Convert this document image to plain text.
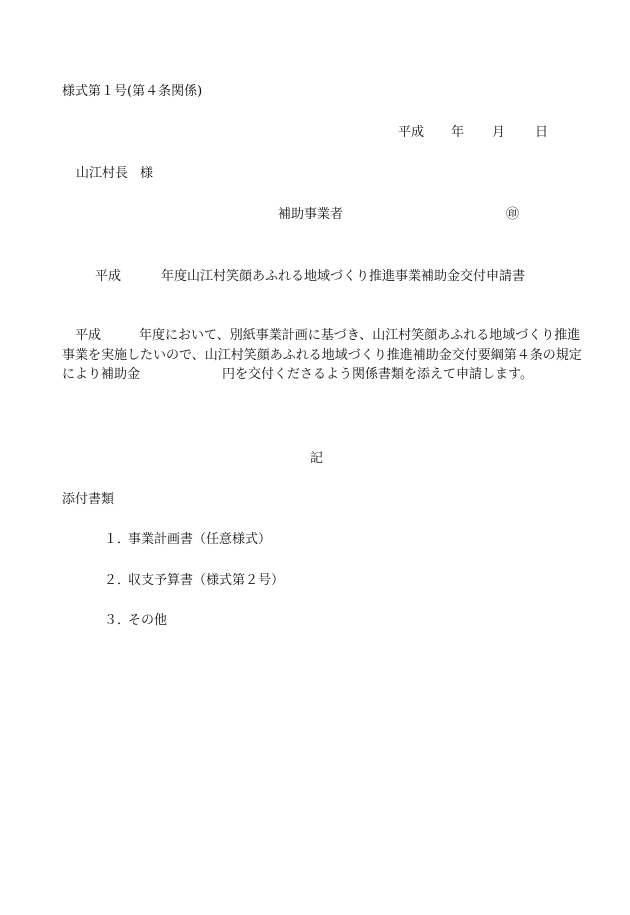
様式第１号(第４条関係)
平成 年 月 日
山江村長 様
補助事業者	㊞
平成	年度山江村笑顔あふれる地域づくり推進事業補助金交付申請書
平成	年度において、別紙事業計画に基づき、山江村笑顔あふれる地域づくり推進事業を実施したいので、山江村笑顔あふれる地域づくり推進補助金交付要綱第４条の規定により補助金	円を交付くださるよう関係書類を添えて申請します。
記
添付書類
１．事業計画書（任意様式）
２．収支予算書（様式第２号）
３．その他
